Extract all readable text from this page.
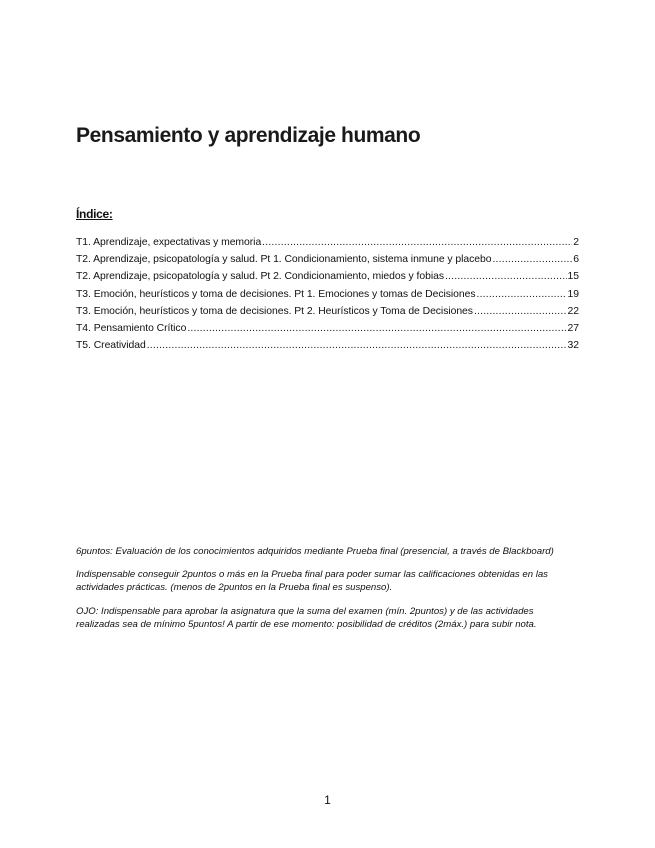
Pensamiento y aprendizaje humano
Índice:
T1. Aprendizaje, expectativas y memoria .....	2
T2. Aprendizaje, psicopatología y salud. Pt 1. Condicionamiento, sistema inmune y placebo .....	6
T2. Aprendizaje, psicopatología y salud. Pt 2. Condicionamiento, miedos y fobias .....	15
T3. Emoción, heurísticos y toma de decisiones. Pt 1. Emociones y tomas de Decisiones .....	19
T3. Emoción, heurísticos y toma de decisiones. Pt 2. Heurísticos y Toma de Decisiones .....	22
T4. Pensamiento Crítico .....	27
T5. Creatividad .....	32

6puntos: Evaluación de los conocimientos adquiridos mediante Prueba final (presencial, a través de Blackboard)

Indispensable conseguir 2puntos o más en la Prueba final para poder sumar las calificaciones obtenidas en las actividades prácticas. (menos de 2puntos en la Prueba final es suspenso).

OJO: Indispensable para aprobar la asignatura que la suma del examen (mín. 2puntos) y de las actividades realizadas sea de mínimo 5puntos! A partir de ese momento: posibilidad de créditos (2máx.) para subir nota.

1
